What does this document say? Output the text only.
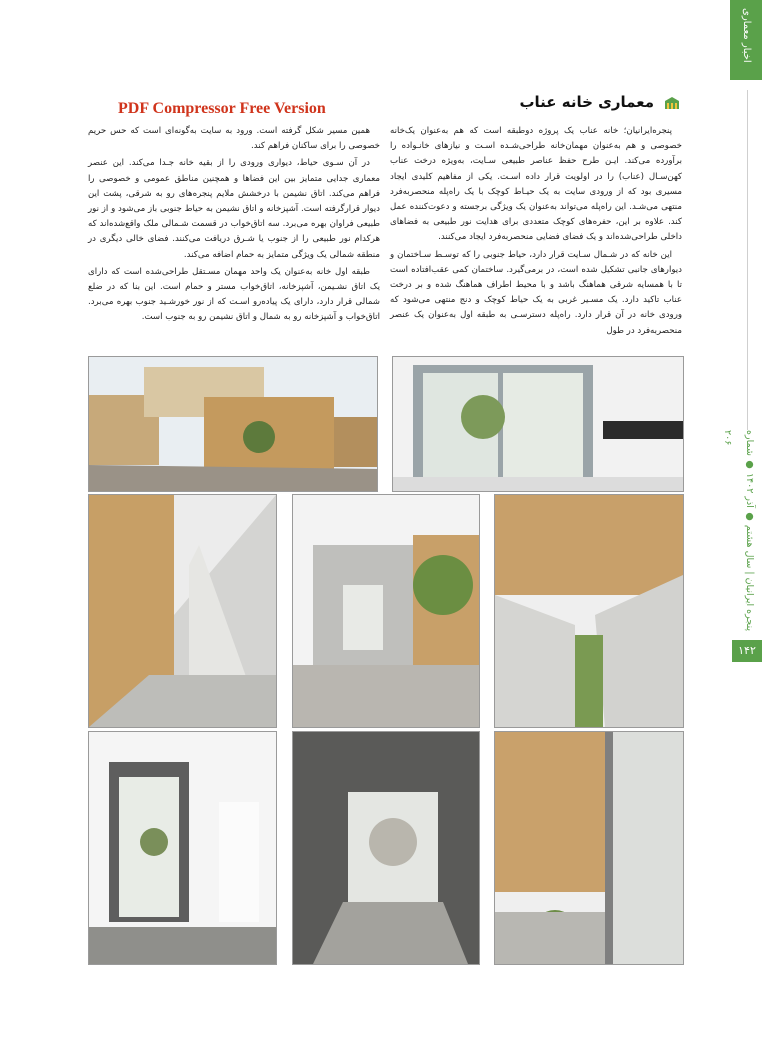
اخبار معماری
پنجره ایرانیان | سال هشتم ● آذر ۱۴۰۲ ● شماره ۲۰۶
۱۴۲
PDF Compressor Free Version	معماری خانه عناب

پنجره‌ایرانیان؛ خانه عناب یک پروژه دوطبقه است که هم به‌عنوان یک‌خانه خصوصی و هم به‌عنوان مهمان‌خانه طراحی‌شـده اسـت و نیازهای خانـواده را برآورده می‌کند. ایـن طرح حفظ عناصر طبیعی سـایت، بەویژه درخت عناب کهن‌سـال (عناب) را در اولویت قرار داده اسـت. یکی از مفاهیم کلیدی ایجاد مسیری بود که از ورودی سایت به یک حیـاط کوچک با یک راه‌پله منحصربه‌فرد منتهی می‌شـد. این راه‌پله می‌تواند به‌عنوان یک ویژگی برجسته و دعوت‌کننده عمل کند. علاوه بر این، حفره‌های کوچک متعددی برای هدایت نور طبیعی به فضاهای داخلی طراحی‌شده‌اند و یک فضای فضایی منحصربه‌فرد ایجاد می‌کنند.

این خانه که در شـمال سـایت قرار دارد، حیاط جنوبی را که توسـط سـاختمان و دیوارهای جانبی تشکیل شده است، در برمی‌گیرد. ساختمان کمی عقب‌افتاده است تا با همسایه شرقی هماهنگ باشد و با محیط اطراف هماهنگ شده و بر درخت عناب تاکید دارد. یک مسـیر غربی به یک حیاط کوچک و دنج منتهی می‌شود که ورودی خانه در آن قرار دارد. راه‌پله دسترسـی به طبقه اول به‌عنوان یک عنصر منحصربه‌فرد در طول

همین مسیر شکل گرفته است. ورود به سایت به‌گونه‌ای است که حس حریم خصوصی را برای ساکنان فراهم کند.

در آن سـوی حیاط، دیواری ورودی را از بقیه خانه جـدا می‌کند. این عنصر معماری جدایی متمایز بین این فضاها و همچنین مناطق عمومی و خصوصی را فراهم می‌کند. اتاق نشیمن با درخشش ملایم پنجره‌های رو به شرقی، پشت این دیوار قرارگرفته است. آشپزخانه و اتاق نشیمن به حیاط جنوبی باز می‌شود و از نور طبیعی فراوان بهره می‌برد. سه اتاق‌خواب در قسمت شـمالی ملک واقع‌شده‌اند که هرکدام نور طبیعی را از جنوب یا شـرق دریافت می‌کنند. فضای خالی دیگری در منطقه شمالی یک ویژگی متمایز به حمام اضافه می‌کند.

طبقه اول خانه به‌عنوان یک واحد مهمان مسـتقل طراحی‌شده است که دارای یک اتاق نشـیمن، آشپزخانه، اتاق‌خواب مستر و حمام است. این بنا که در ضلع شمالی قرار دارد، دارای یک پیاده‌رو اسـت که از نور خورشـید جنوب بهره می‌برد. اتاق‌خواب و آشپزخانه رو به شمال و اتاق نشیمن رو به جنوب است.
